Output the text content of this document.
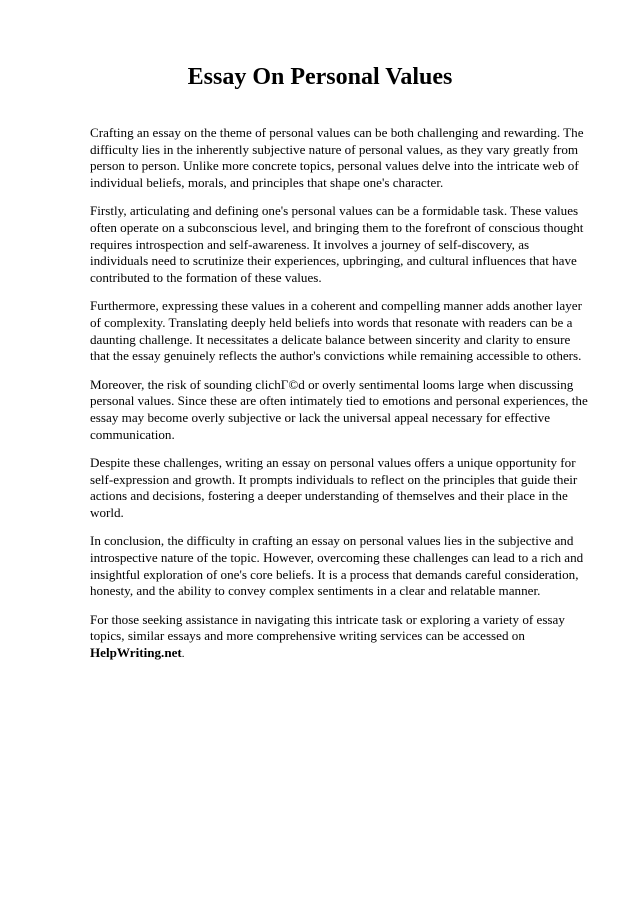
Essay On Personal Values

Crafting an essay on the theme of personal values can be both challenging and rewarding. The difficulty lies in the inherently subjective nature of personal values, as they vary greatly from person to person. Unlike more concrete topics, personal values delve into the intricate web of individual beliefs, morals, and principles that shape one's character.

Firstly, articulating and defining one's personal values can be a formidable task. These values often operate on a subconscious level, and bringing them to the forefront of conscious thought requires introspection and self-awareness. It involves a journey of self-discovery, as individuals need to scrutinize their experiences, upbringing, and cultural influences that have contributed to the formation of these values.

Furthermore, expressing these values in a coherent and compelling manner adds another layer of complexity. Translating deeply held beliefs into words that resonate with readers can be a daunting challenge. It necessitates a delicate balance between sincerity and clarity to ensure that the essay genuinely reflects the author's convictions while remaining accessible to others.

Moreover, the risk of sounding clichГ©d or overly sentimental looms large when discussing personal values. Since these are often intimately tied to emotions and personal experiences, the essay may become overly subjective or lack the universal appeal necessary for effective communication.

Despite these challenges, writing an essay on personal values offers a unique opportunity for self-expression and growth. It prompts individuals to reflect on the principles that guide their actions and decisions, fostering a deeper understanding of themselves and their place in the world.

In conclusion, the difficulty in crafting an essay on personal values lies in the subjective and introspective nature of the topic. However, overcoming these challenges can lead to a rich and insightful exploration of one's core beliefs. It is a process that demands careful consideration, honesty, and the ability to convey complex sentiments in a clear and relatable manner.

For those seeking assistance in navigating this intricate task or exploring a variety of essay topics, similar essays and more comprehensive writing services can be accessed on HelpWriting.net.
